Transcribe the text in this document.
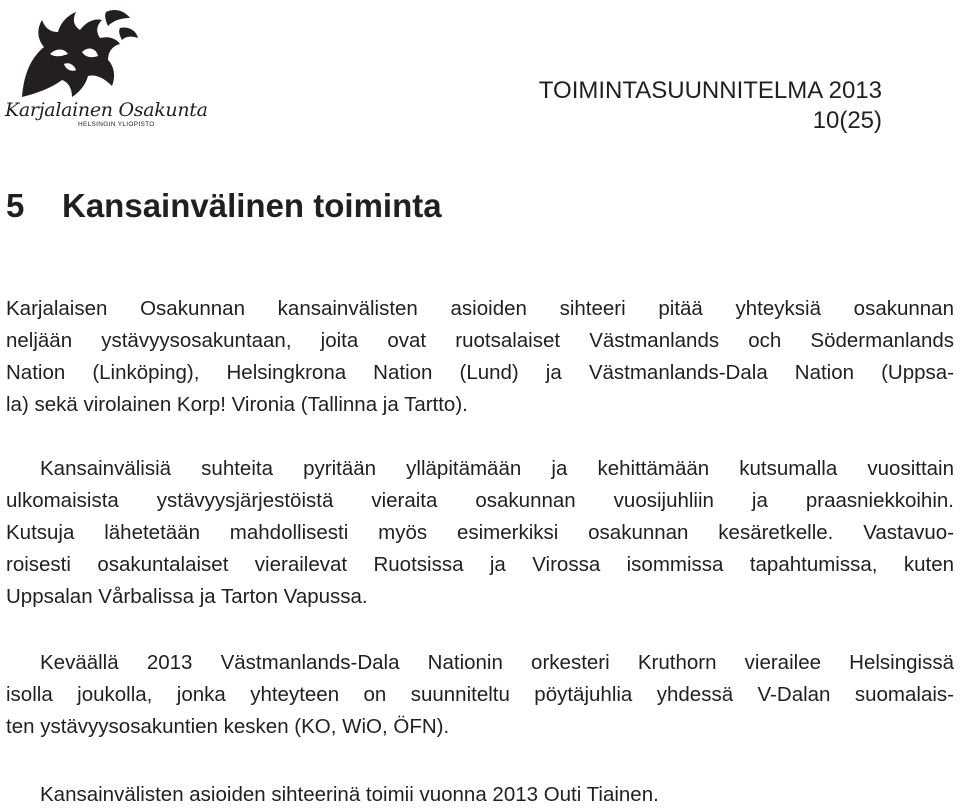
Karjalainen Osakunta
HELSINGIN YLIOPISTO
TOIMINTASUUNNITELMA 2013
10(25)
5 Kansainvälinen toiminta
Karjalaisen Osakunnan kansainvälisten asioiden sihteeri pitää yhteyksiä osakunnan
neljään ystävyysosakuntaan, joita ovat ruotsalaiset Västmanlands och Södermanlands
Nation (Linköping), Helsingkrona Nation (Lund) ja Västmanlands-Dala Nation (Uppsa-
la) sekä virolainen Korp! Vironia (Tallinna ja Tartto).
Kansainvälisiä suhteita pyritään ylläpitämään ja kehittämään kutsumalla vuosittain
ulkomaisista ystävyysjärjestöistä vieraita osakunnan vuosijuhliin ja praasniekkoihin.
Kutsuja lähetetään mahdollisesti myös esimerkiksi osakunnan kesäretkelle. Vastavuo-
roisesti osakuntalaiset vierailevat Ruotsissa ja Virossa isommissa tapahtumissa, kuten
Uppsalan Vårbalissa ja Tarton Vapussa.
Keväällä 2013 Västmanlands-Dala Nationin orkesteri Kruthorn vierailee Helsingissä
isolla joukolla, jonka yhteyteen on suunniteltu pöytäjuhlia yhdessä V-Dalan suomalais-
ten ystävyysosakuntien kesken (KO, WiO, ÖFN).
Kansainvälisten asioiden sihteerinä toimii vuonna 2013 Outi Tiainen.
